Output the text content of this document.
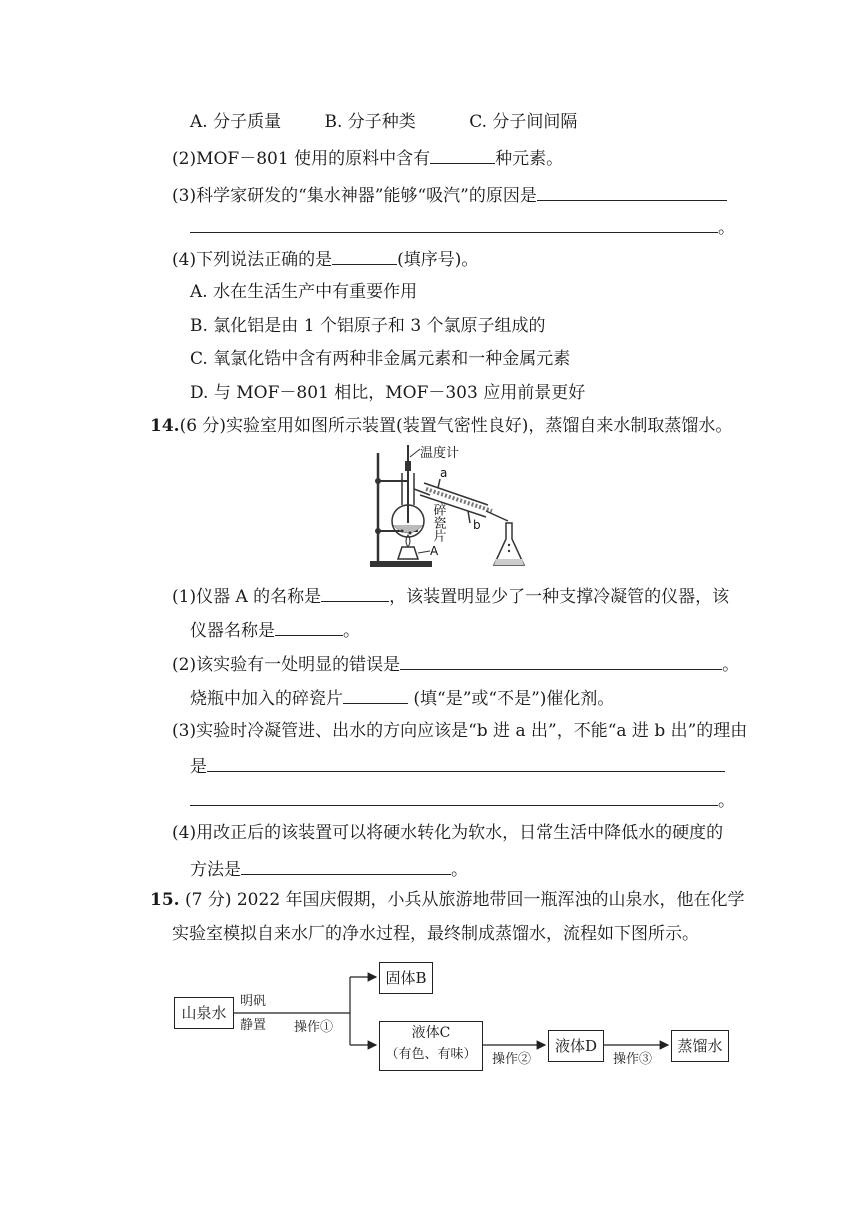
A. 分子质量	B. 分子种类	C. 分子间间隔
(2)MOF－801 使用的原料中含有	种元素。
(3)科学家研发的“集水神器”能够“吸汽”的原因是
。
(4)下列说法正确的是	(填序号)。
A. 水在生活生产中有重要作用
B. 氯化铝是由 1 个铝原子和 3 个氯原子组成的
C. 氧氯化锆中含有两种非金属元素和一种金属元素
D. 与 MOF－801 相比，MOF－303 应用前景更好
14.(6 分)实验室用如图所示装置(装置气密性良好)，蒸馏自来水制取蒸馏水。
温度计
a
b
碎瓷片
A
(1)仪器 A 的名称是	，该装置明显少了一种支撑冷凝管的仪器，该
仪器名称是	。
(2)该实验有一处明显的错误是	。
烧瓶中加入的碎瓷片	(填“是”或“不是”)催化剂。
(3)实验时冷凝管进、出水的方向应该是“b 进 a 出”，不能“a 进 b 出”的理由
是
。
(4)用改正后的该装置可以将硬水转化为软水，日常生活中降低水的硬度的
方法是	。
15. (7 分) 2022 年国庆假期，小兵从旅游地带回一瓶浑浊的山泉水，他在化学
实验室模拟自来水厂的净水过程，最终制成蒸馏水，流程如下图所示。
山泉水
明矾
静置 操作①
固体B
液体C
（有色、有味）	操作②
液体D
操作③
蒸馏水
